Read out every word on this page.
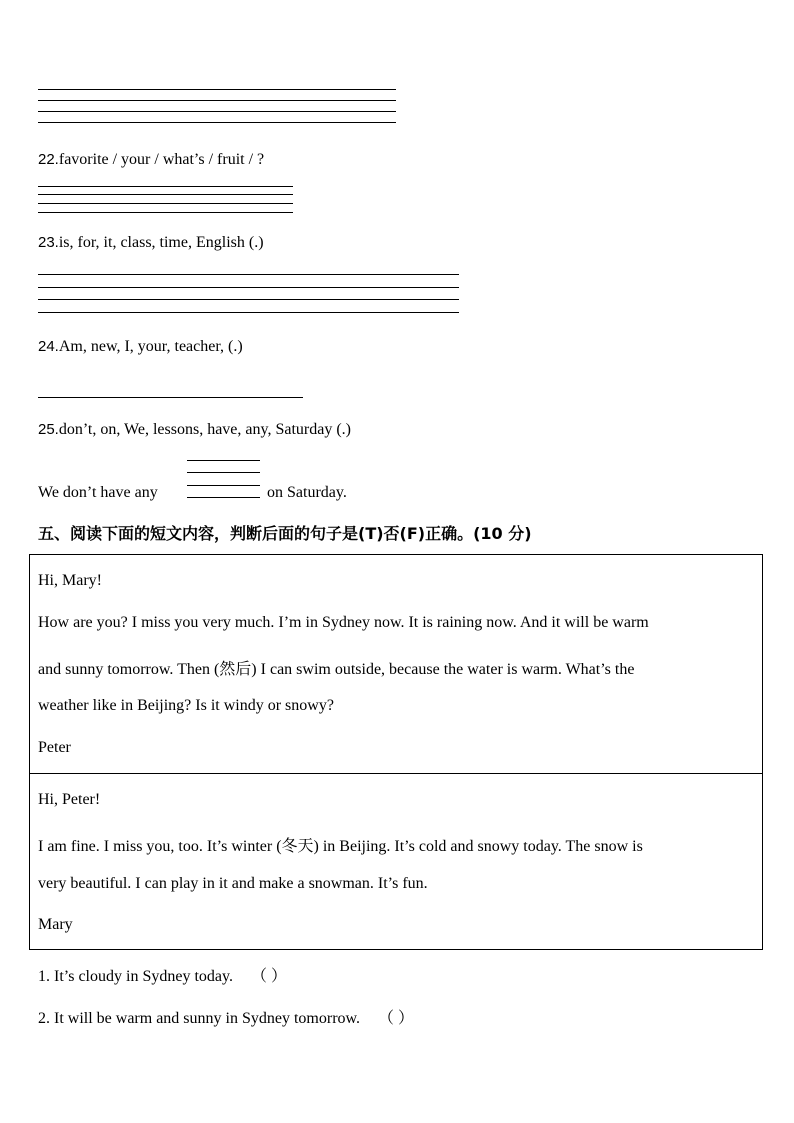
22.favorite / your / what’s / fruit / ?
23.is, for, it, class, time, English (.)
24.Am, new, I, your, teacher, (.)
25.don’t, on, We, lessons, have, any, Saturday (.)
We don’t have any	on Saturday.
五、阅读下面的短文内容，判断后面的句子是(T)否(F)正确。(10 分)
Hi, Mary!
How are you? I miss you very much. I’m in Sydney now. It is raining now. And it will be warm
and sunny tomorrow. Then (然后) I can swim outside, because the water is warm. What’s the
weather like in Beijing? Is it windy or snowy?
Peter
Hi, Peter!
I am fine. I miss you, too. It’s winter (冬天) in Beijing. It’s cold and snowy today. The snow is
very beautiful. I can play in it and make a snowman. It’s fun.
Mary
1. It’s cloudy in Sydney today. （ ）
2. It will be warm and sunny in Sydney tomorrow. （ ）
